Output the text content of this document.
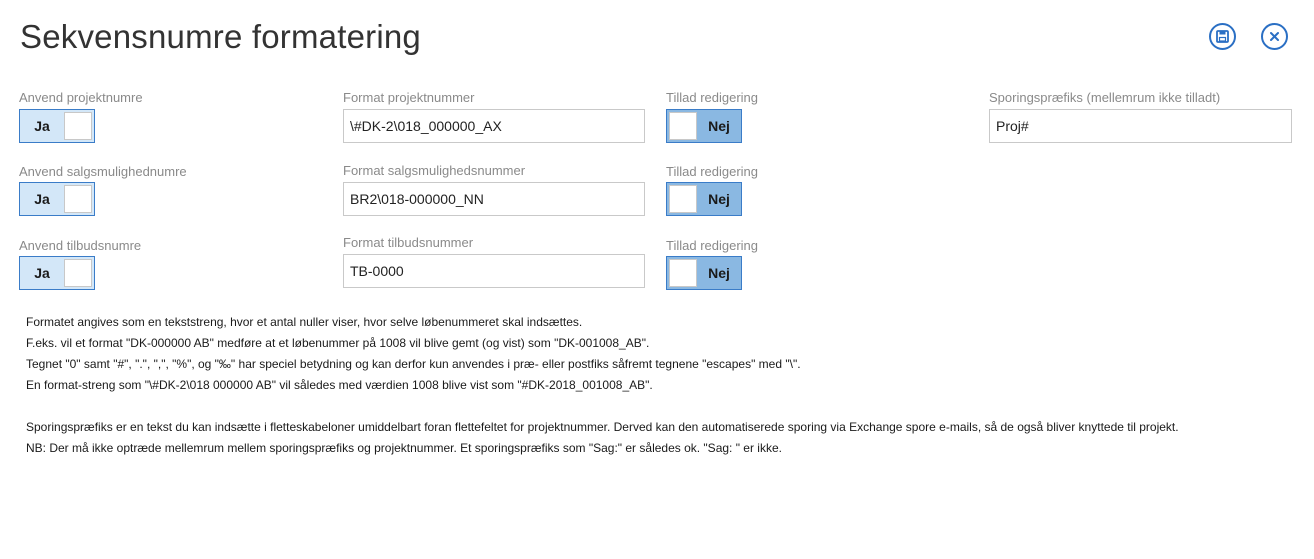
Sekvensnumre formatering
Anvend projektnumre
Ja
Format projektnummer
\#DK-2\018_000000_AX	Tillad redigering
Nej
Sporingspræfiks (mellemrum ikke tilladt)
Proj#
Anvend salgsmulighednumre
Ja
Format salgsmulighedsnummer
BR2\018-000000_NN	Tillad redigering
Nej
Anvend tilbudsnumre
Ja
Format tilbudsnummer
TB-0000	Tillad redigering
Nej
Formatet angives som en tekststreng, hvor et antal nuller viser, hvor selve løbenummeret skal indsættes.
F.eks. vil et format "DK-000000 AB" medføre at et løbenummer på 1008 vil blive gemt (og vist) som "DK-001008_AB".
Tegnet "0" samt "#", ".", ",", "%", og "‰" har speciel betydning og kan derfor kun anvendes i præ- eller postfiks såfremt tegnene "escapes" med "\".
En format-streng som "\#DK-2\018 000000 AB" vil således med værdien 1008 blive vist som "#DK-2018_001008_AB".
Sporingspræfiks er en tekst du kan indsætte i fletteskabeloner umiddelbart foran flettefeltet for projektnummer. Derved kan den automatiserede sporing via Exchange spore e-mails, så de også bliver knyttede til projekt.
NB: Der må ikke optræde mellemrum mellem sporingspræfiks og projektnummer. Et sporingspræfiks som "Sag:" er således ok. "Sag: " er ikke.
